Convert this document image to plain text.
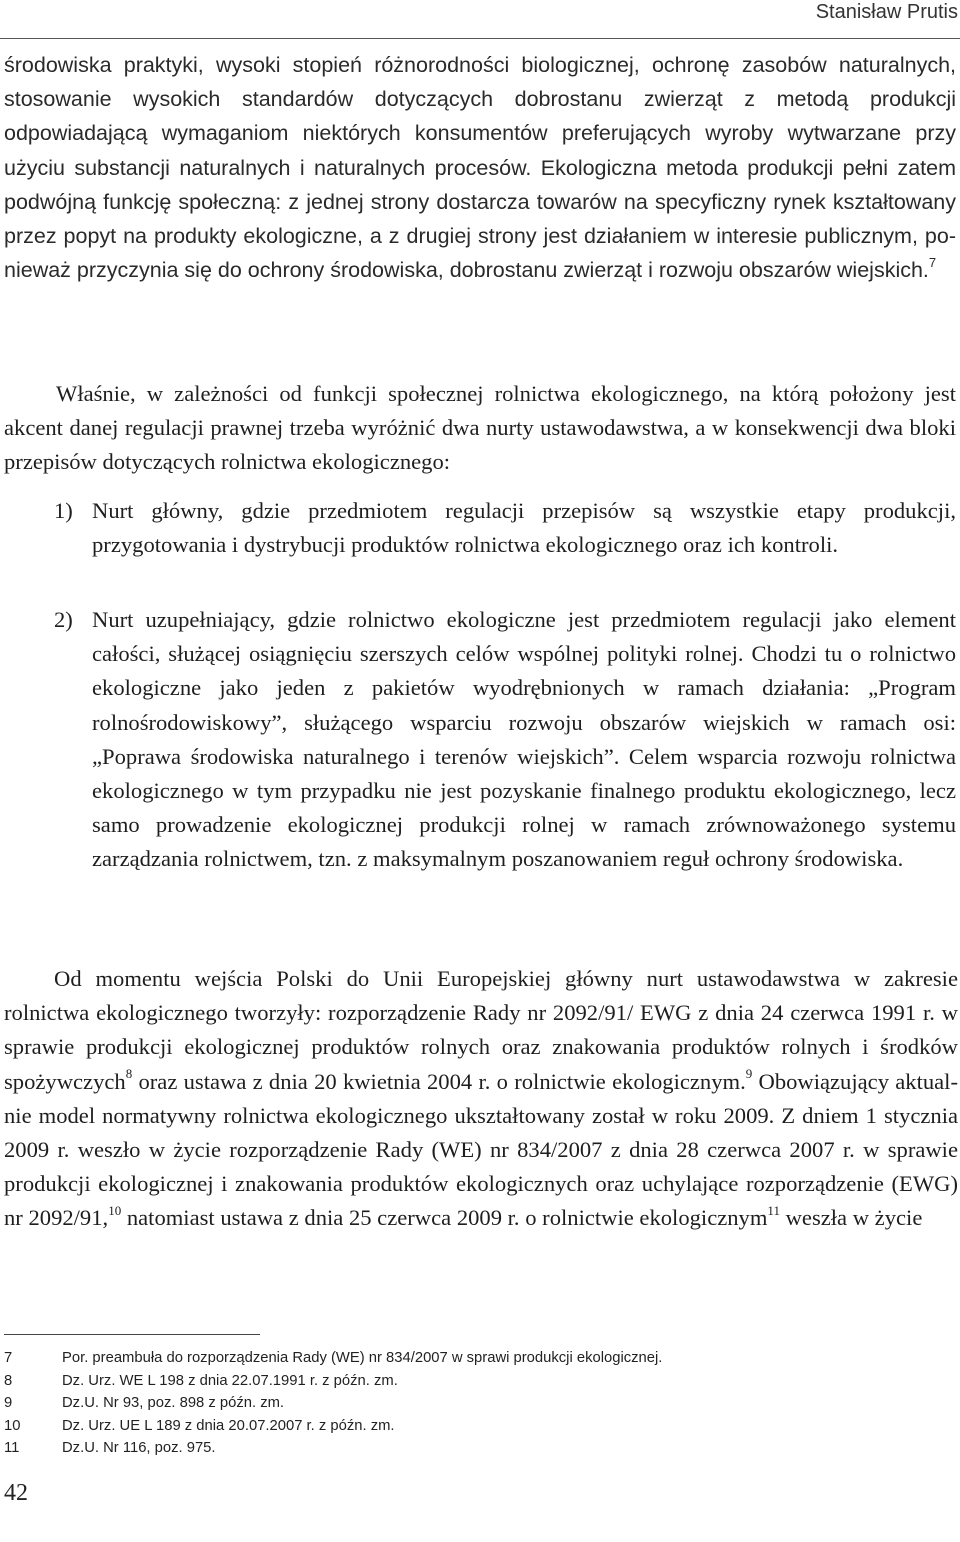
Stanisław Prutis

środowiska praktyki, wysoki stopień różnorodności biologicznej, ochronę zasobów naturalnych, stosowanie wysokich standardów dotyczących dobrostanu zwierząt z metodą produkcji odpowiadającą wymaganiom niektórych konsumentów preferujących wyroby wytwarzane przy użyciu substancji naturalnych i naturalnych procesów. Ekologiczna metoda produkcji pełni zatem podwójną funkcję społeczną: z jednej strony dostarcza towarów na specyficzny rynek kształtowany przez popyt na produkty ekologiczne, a z drugiej strony jest działaniem w interesie publicznym, ponieważ przyczynia się do ochrony środowiska, dobrostanu zwierząt i rozwoju obszarów wiejskich.$^7$

Właśnie, w zależności od funkcji społecznej rolnictwa ekologicznego, na którą położony jest akcent danej regulacji prawnej trzeba wyróżnić dwa nurty ustawodawstwa, a w konsekwencji dwa bloki przepisów dotyczących rolnictwa ekologicznego:

1) Nurt główny, gdzie przedmiotem regulacji przepisów są wszystkie etapy produkcji, przygotowania i dystrybucji produktów rolnictwa ekologicznego oraz ich kontroli.
2) Nurt uzupełniający, gdzie rolnictwo ekologiczne jest przedmiotem regulacji jako element całości, służącej osiągnięciu szerszych celów wspólnej polityki rolnej. Chodzi tu o rolnictwo ekologiczne jako jeden z pakietów wyodrębnionych w ramach działania: „Program rolnośrodowiskowy”, służącego wsparciu rozwoju obszarów wiejskich w ramach osi: „Poprawa środowiska naturalnego i terenów wiejskich”. Celem wsparcia rozwoju rolnictwa ekologicznego w tym przypadku nie jest pozyskanie finalnego produktu ekologicznego, lecz samo prowadzenie ekologicznej produkcji rolnej w ramach zrównoważonego systemu zarządzania rolnictwem, tzn. z maksymalnym poszanowaniem reguł ochrony środowiska.

Od momentu wejścia Polski do Unii Europejskiej główny nurt ustawodawstwa w zakresie rolnictwa ekologicznego tworzyły: rozporządzenie Rady nr 2092/91/ EWG z dnia 24 czerwca 1991 r. w sprawie produkcji ekologicznej produktów rolnych oraz znakowania produktów rolnych i środków spożywczych$^8$ oraz ustawa z dnia 20 kwietnia 2004 r. o rolnictwie ekologicznym.$^9$ Obowiązujący aktualnie model normatywny rolnictwa ekologicznego ukształtowany został w roku 2009. Z dniem 1 stycznia 2009 r. weszło w życie rozporządzenie Rady (WE) nr 834/2007 z dnia 28 czerwca 2007 r. w sprawie produkcji ekologicznej i znakowania produktów ekologicznych oraz uchylające rozporządzenie (EWG) nr 2092/91,10 natomiast ustawa z dnia 25 czerwca 2009 r. o rolnictwie ekologicznym$^{11}$ weszła w życie

7	Por. preambuła do rozporządzenia Rady (WE) nr 834/2007 w sprawi produkcji ekologicznej.
8	Dz. Urz. WE L 198 z dnia 22.07.1991 r. z późn. zm.
9	Dz.U. Nr 93, poz. 898 z późn. zm.
10	Dz. Urz. UE L 189 z dnia 20.07.2007 r. z późn. zm.
11	Dz.U. Nr 116, poz. 975.
42
